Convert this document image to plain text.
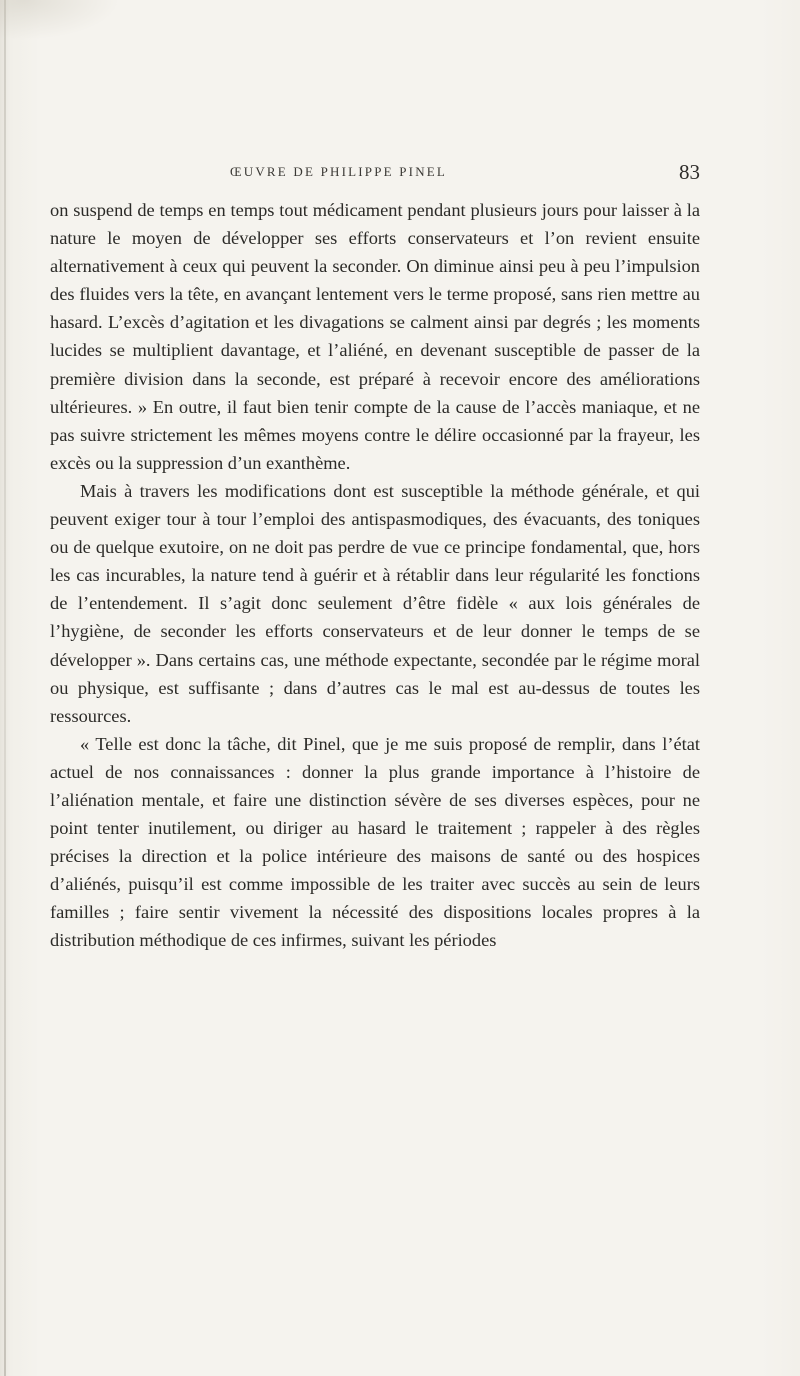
ŒUVRE DE PHILIPPE PINEL	83

on suspend de temps en temps tout médicament pendant plusieurs jours pour laisser à la nature le moyen de développer ses efforts conservateurs et l’on revient ensuite alternativement à ceux qui peuvent la seconder. On diminue ainsi peu à peu l’impulsion des fluides vers la tête, en avançant lentement vers le terme proposé, sans rien mettre au hasard. L’excès d’agitation et les divagations se calment ainsi par degrés ; les moments lucides se multiplient davantage, et l’aliéné, en devenant susceptible de passer de la première division dans la seconde, est préparé à recevoir encore des améliorations ultérieures. » En outre, il faut bien tenir compte de la cause de l’accès maniaque, et ne pas suivre strictement les mêmes moyens contre le délire occasionné par la frayeur, les excès ou la suppression d’un exanthème.

Mais à travers les modifications dont est susceptible la méthode générale, et qui peuvent exiger tour à tour l’emploi des antispasmodiques, des évacuants, des toniques ou de quelque exutoire, on ne doit pas perdre de vue ce principe fondamental, que, hors les cas incurables, la nature tend à guérir et à rétablir dans leur régularité les fonctions de l’entendement. Il s’agit donc seulement d’être fidèle « aux lois générales de l’hygiène, de seconder les efforts conservateurs et de leur donner le temps de se développer ». Dans certains cas, une méthode expectante, secondée par le régime moral ou physique, est suffisante ; dans d’autres cas le mal est au-dessus de toutes les ressources.

« Telle est donc la tâche, dit Pinel, que je me suis proposé de remplir, dans l’état actuel de nos connaissances : donner la plus grande importance à l’histoire de l’aliénation mentale, et faire une distinction sévère de ses diverses espèces, pour ne point tenter inutilement, ou diriger au hasard le traitement ; rappeler à des règles précises la direction et la police intérieure des maisons de santé ou des hospices d’aliénés, puisqu’il est comme impossible de les traiter avec succès au sein de leurs familles ; faire sentir vivement la nécessité des dispositions locales propres à la distribution méthodique de ces infirmes, suivant les périodes
